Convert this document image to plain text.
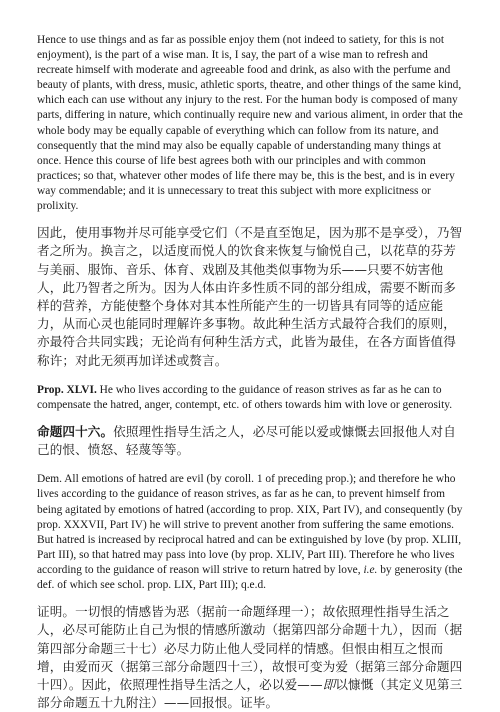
Hence to use things and as far as possible enjoy them (not indeed to satiety, for this is not enjoyment), is the part of a wise man. It is, I say, the part of a wise man to refresh and recreate himself with moderate and agreeable food and drink, as also with the perfume and beauty of plants, with dress, music, athletic sports, theatre, and other things of the same kind, which each can use without any injury to the rest. For the human body is composed of many parts, differing in nature, which continually require new and various aliment, in order that the whole body may be equally capable of everything which can follow from its nature, and consequently that the mind may also be equally capable of understanding many things at once. Hence this course of life best agrees both with our principles and with common practices; so that, whatever other modes of life there may be, this is the best, and is in every way commendable; and it is unnecessary to treat this subject with more explicitness or prolixity.

因此，使用事物并尽可能享受它们（不是直至饱足，因为那不是享受），乃智者之所为。换言之，以适度而悦人的饮食来恢复与愉悦自己，以花草的芬芳与美丽、服饰、音乐、体育、戏剧及其他类似事物为乐——只要不妨害他人，此乃智者之所为。因为人体由许多性质不同的部分组成，需要不断而多样的营养，方能使整个身体对其本性所能产生的一切皆具有同等的适应能力，从而心灵也能同时理解许多事物。故此种生活方式最符合我们的原则，亦最符合共同实践；无论尚有何种生活方式，此皆为最佳，在各方面皆值得称许；对此无须再加详述或赘言。

Prop. XLVI. He who lives according to the guidance of reason strives as far as he can to compensate the hatred, anger, contempt, etc. of others towards him with love or generosity.

命题四十六。依照理性指导生活之人，必尽可能以爱或慷慨去回报他人对自己的恨、愤怒、轻蔑等等。

Dem. All emotions of hatred are evil (by coroll. 1 of preceding prop.); and therefore he who lives according to the guidance of reason strives, as far as he can, to prevent himself from being agitated by emotions of hatred (according to prop. XIX, Part IV), and consequently (by prop. XXXVII, Part IV) he will strive to prevent another from suffering the same emotions. But hatred is increased by reciprocal hatred and can be extinguished by love (by prop. XLIII, Part III), so that hatred may pass into love (by prop. XLIV, Part III). Therefore he who lives according to the guidance of reason will strive to return hatred by love, i.e. by generosity (the def. of which see schol. prop. LIX, Part III); q.e.d.

证明。一切恨的情感皆为恶（据前一命题绎理一）；故依照理性指导生活之人，必尽可能防止自己为恨的情感所激动（据第四部分命题十九），因而（据第四部分命题三十七）必尽力防止他人受同样的情感。但恨由相互之恨而增，由爱而灭（据第三部分命题四十三），故恨可变为爱（据第三部分命题四十四）。因此，依照理性指导生活之人，必以爱——即以慷慨（其定义见第三部分命题五十九附注）——回报恨。证毕。
